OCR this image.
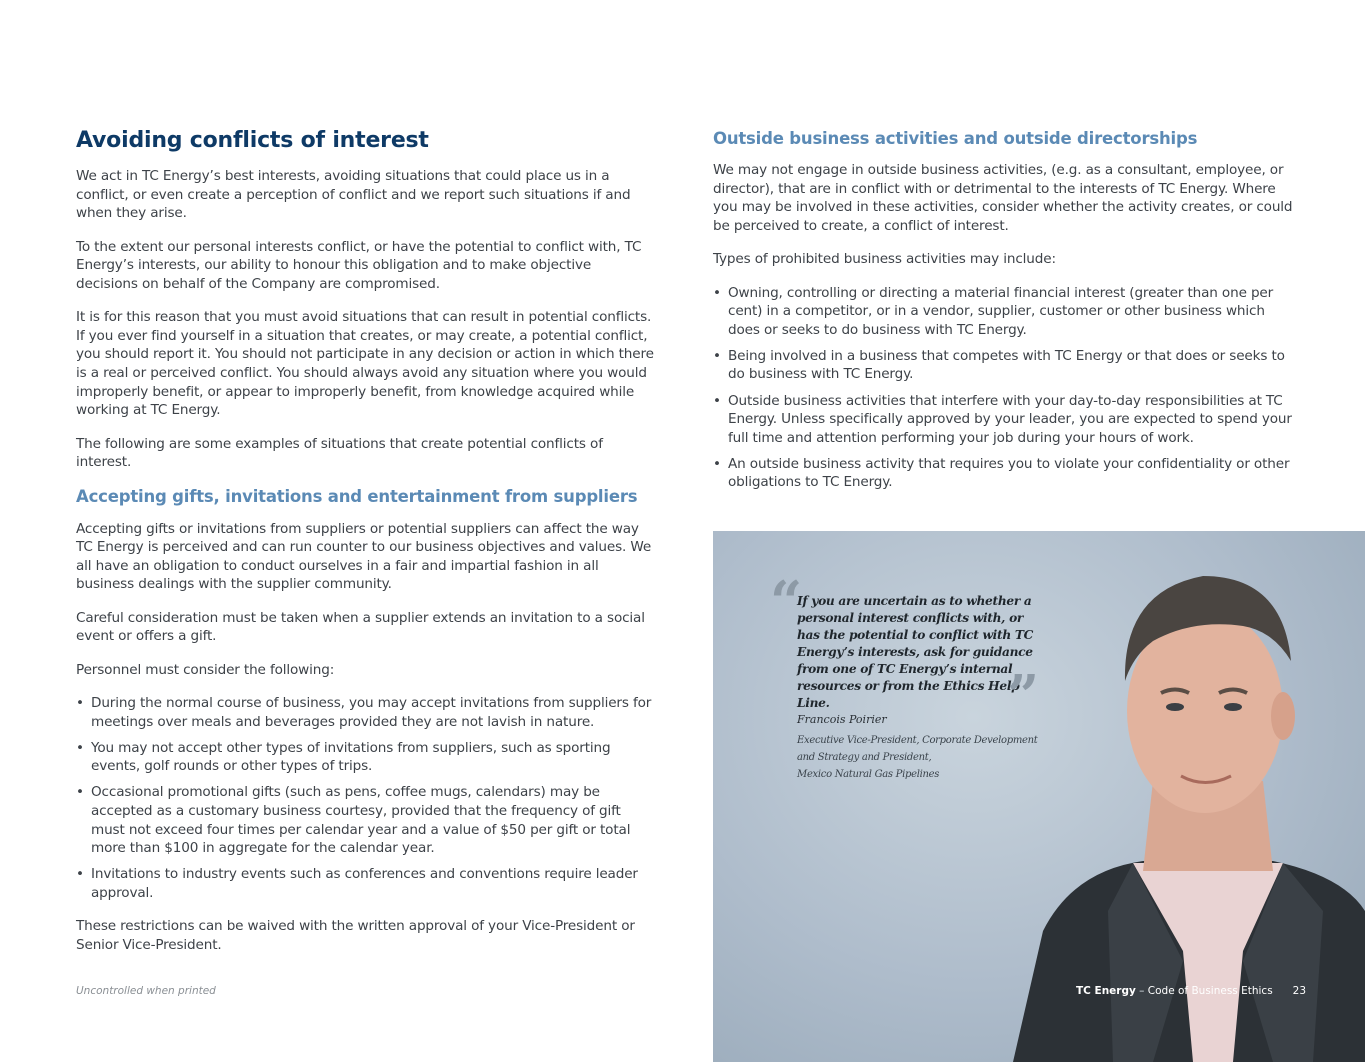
Avoiding conflicts of interest

We act in TC Energy’s best interests, avoiding situations that could place us in a conflict, or even create a perception of conflict and we report such situations if and when they arise.

To the extent our personal interests conflict, or have the potential to conflict with, TC Energy’s interests, our ability to honour this obligation and to make objective decisions on behalf of the Company are compromised.

It is for this reason that you must avoid situations that can result in potential conflicts. If you ever find yourself in a situation that creates, or may create, a potential conflict, you should report it. You should not participate in any decision or action in which there is a real or perceived conflict. You should always avoid any situation where you would improperly benefit, or appear to improperly benefit, from knowledge acquired while working at TC Energy.

The following are some examples of situations that create potential conflicts of interest.

Accepting gifts, invitations and entertainment from suppliers

Accepting gifts or invitations from suppliers or potential suppliers can affect the way TC Energy is perceived and can run counter to our business objectives and values. We all have an obligation to conduct ourselves in a fair and impartial fashion in all business dealings with the supplier community.

Careful consideration must be taken when a supplier extends an invitation to a social event or offers a gift.

Personnel must consider the following:

• During the normal course of business, you may accept invitations from suppliers for meetings over meals and beverages provided they are not lavish in nature.
• You may not accept other types of invitations from suppliers, such as sporting events, golf rounds or other types of trips.
• Occasional promotional gifts (such as pens, coffee mugs, calendars) may be accepted as a customary business courtesy, provided that the frequency of gift must not exceed four times per calendar year and a value of $50 per gift or total more than $100 in aggregate for the calendar year.
• Invitations to industry events such as conferences and conventions require leader approval.

These restrictions can be waived with the written approval of your Vice-President or Senior Vice-President.

Outside business activities and outside directorships

We may not engage in outside business activities, (e.g. as a consultant, employee, or director), that are in conflict with or detrimental to the interests of TC Energy. Where you may be involved in these activities, consider whether the activity creates, or could be perceived to create, a conflict of interest.

Types of prohibited business activities may include:

• Owning, controlling or directing a material financial interest (greater than one per cent) in a competitor, or in a vendor, supplier, customer or other business which does or seeks to do business with TC Energy.
• Being involved in a business that competes with TC Energy or that does or seeks to do business with TC Energy.
• Outside business activities that interfere with your day-to-day responsibilities at TC Energy. Unless specifically approved by your leader, you are expected to spend your full time and attention performing your job during your hours of work.
• An outside business activity that requires you to violate your confidentiality or other obligations to TC Energy.
“

If you are uncertain as to whether a personal interest conflicts with, or has the potential to conflict with TC Energy’s interests, ask for guidance from one of TC Energy’s internal resources or from the Ethics Help Line.	”
Francois Poirier
Executive Vice-President, Corporate Development
and Strategy and President,
Mexico Natural Gas Pipelines
Uncontrolled when printed	TC Energy – Code of Business Ethics 23
